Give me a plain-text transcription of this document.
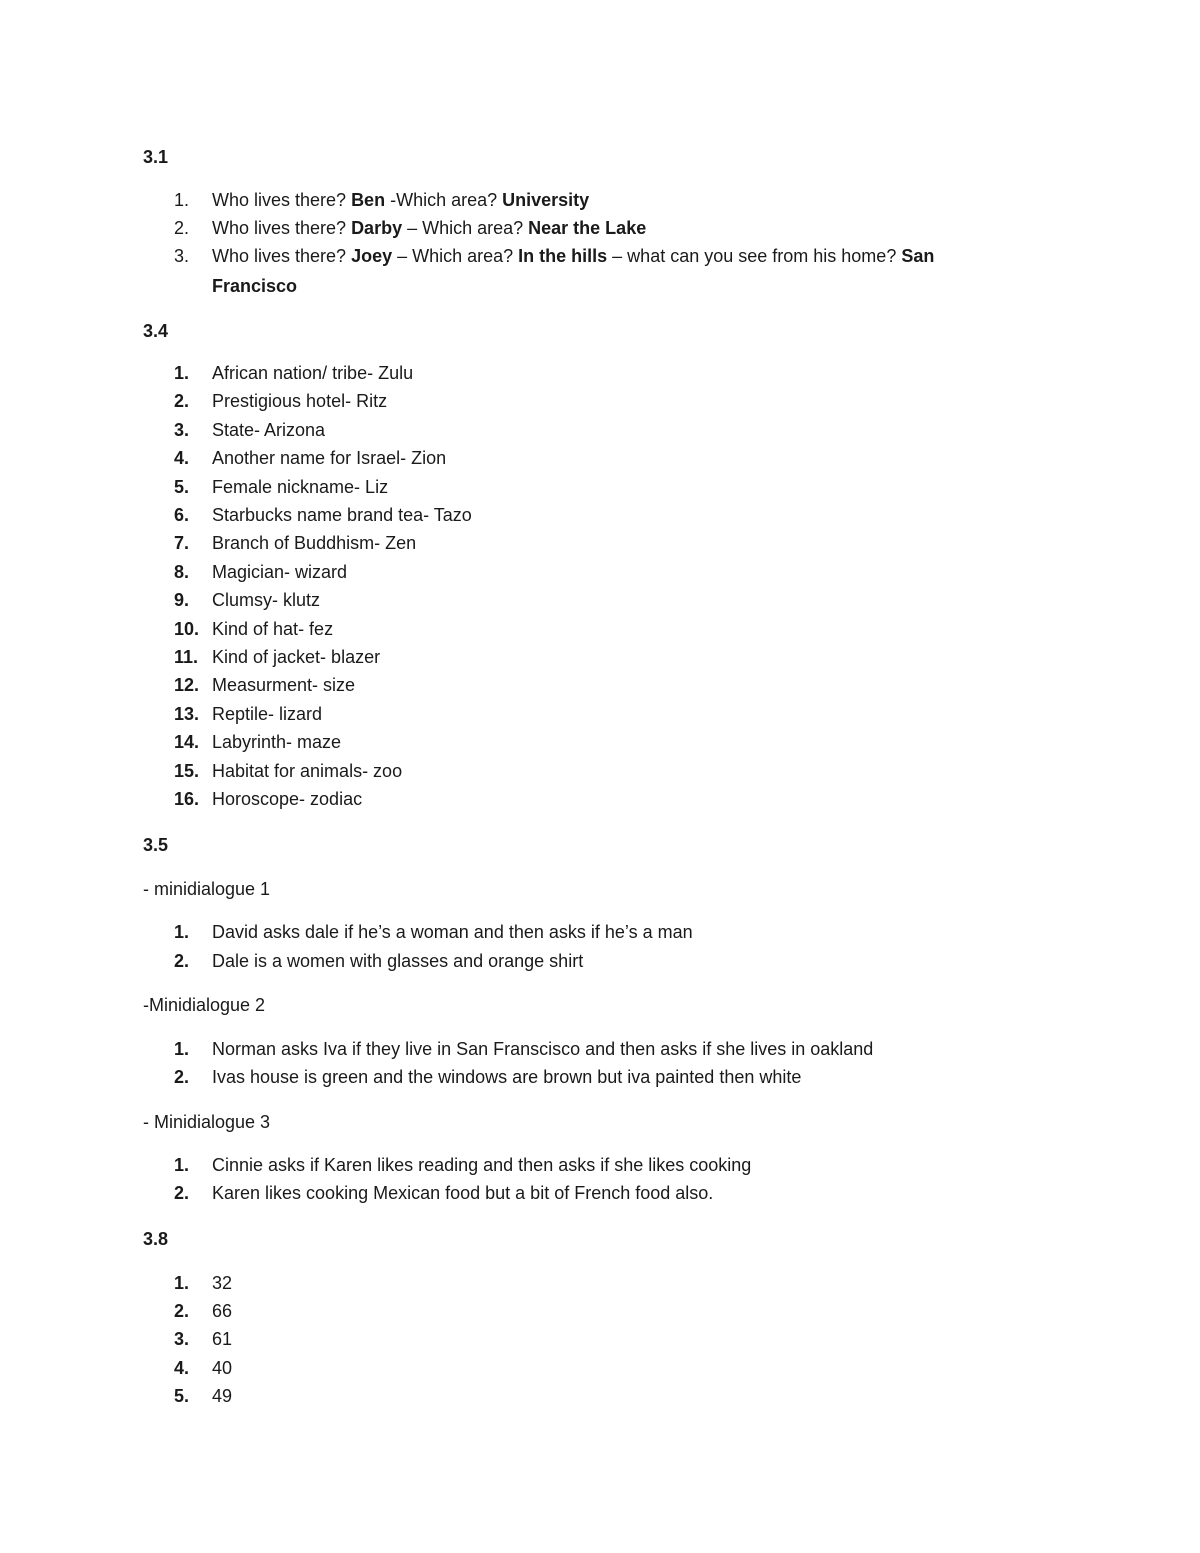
3.1
1.	Who lives there? Ben -Which area? University
2.	Who lives there? Darby – Which area? Near the Lake
3.	Who lives there? Joey – Which area? In the hills – what can you see from his home? San
Francisco
3.4
1.	African nation/ tribe- Zulu
2.	Prestigious hotel- Ritz
3.	State- Arizona
4.	Another name for Israel- Zion
5.	Female nickname- Liz
6.	Starbucks name brand tea- Tazo
7.	Branch of Buddhism- Zen
8.	Magician- wizard
9.	Clumsy- klutz
10. Kind of hat- fez
11. Kind of jacket- blazer
12. Measurment- size
13. Reptile- lizard
14. Labyrinth- maze
15. Habitat for animals- zoo
16. Horoscope- zodiac
3.5
- minidialogue 1
1.	David asks dale if he’s a woman and then asks if he’s a man
2.	Dale is a women with glasses and orange shirt
-Minidialogue 2
1.	Norman asks Iva if they live in San Franscisco and then asks if she lives in oakland
2.	Ivas house is green and the windows are brown but iva painted then white
- Minidialogue 3
1.	Cinnie asks if Karen likes reading and then asks if she likes cooking
2.	Karen likes cooking Mexican food but a bit of French food also.
3.8
1.	32
2.	66
3.	61
4.	40
5.	49
